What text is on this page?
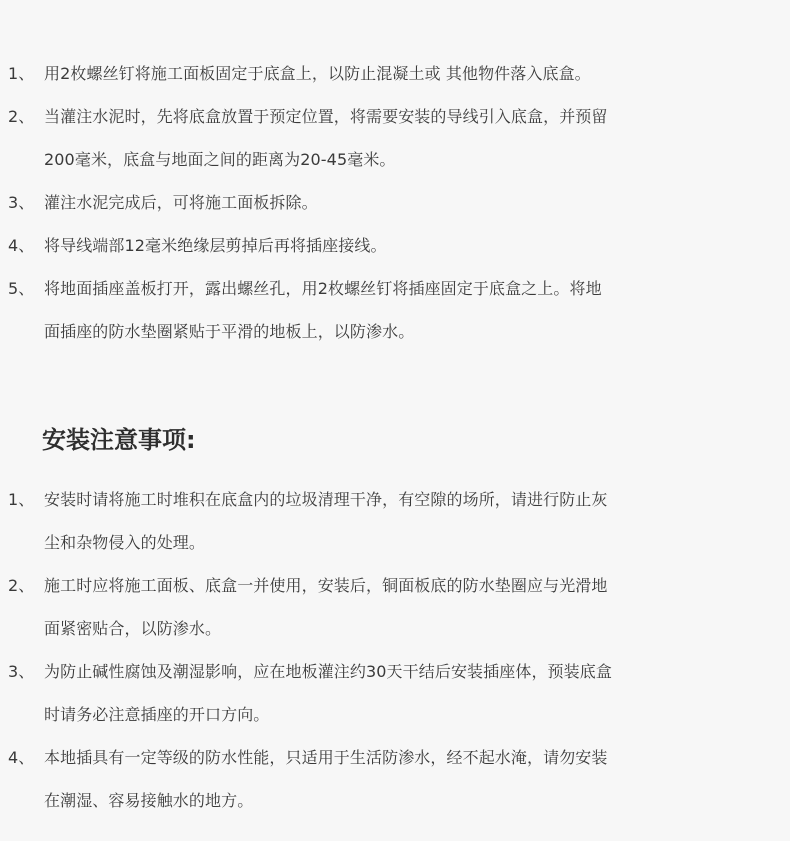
1、 用2枚螺丝钉将施工面板固定于底盒上，以防止混凝土或 其他物件落入底盒。
2、 当灌注水泥时，先将底盒放置于预定位置，将需要安装的导线引入底盒，并预留
200毫米，底盒与地面之间的距离为20-45毫米。
3、 灌注水泥完成后，可将施工面板拆除。
4、 将导线端部12毫米绝缘层剪掉后再将插座接线。
5、 将地面插座盖板打开，露出螺丝孔，用2枚螺丝钉将插座固定于底盒之上。将地
面插座的防水垫圈紧贴于平滑的地板上，以防渗水。
安装注意事项:
1、 安装时请将施工时堆积在底盒内的垃圾清理干净，有空隙的场所，请进行防止灰
尘和杂物侵入的处理。
2、 施工时应将施工面板、底盒一并使用，安装后，铜面板底的防水垫圈应与光滑地
面紧密贴合，以防渗水。
3、 为防止碱性腐蚀及潮湿影响，应在地板灌注约30天干结后安装插座体，预装底盒
时请务必注意插座的开口方向。
4、 本地插具有一定等级的防水性能，只适用于生活防渗水，经不起水淹，请勿安装
在潮湿、容易接触水的地方。
